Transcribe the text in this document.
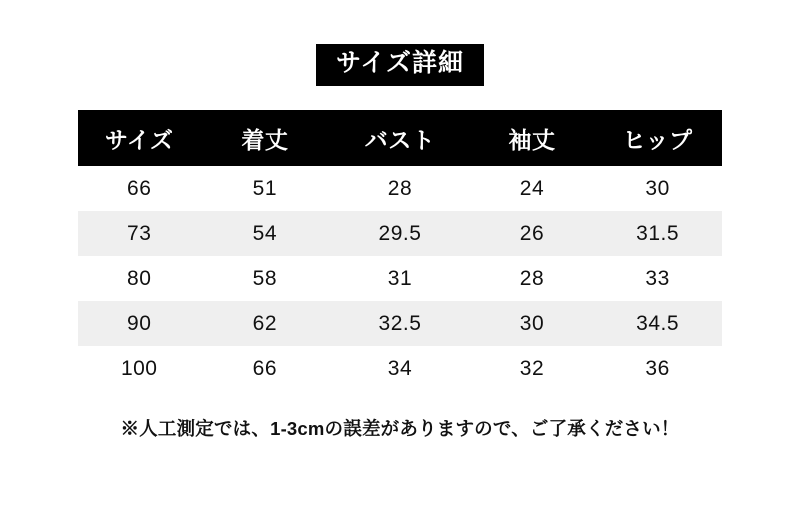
サイズ詳細
サイズ	着丈	バスト	袖丈	ヒップ
66	51	28	24	30
73	54	29.5	26	31.5
80	58	31	28	33
90	62	32.5	30	34.5
100	66	34	32	36
※人工測定では、1-3cmの誤差がありますので、ご了承ください！
